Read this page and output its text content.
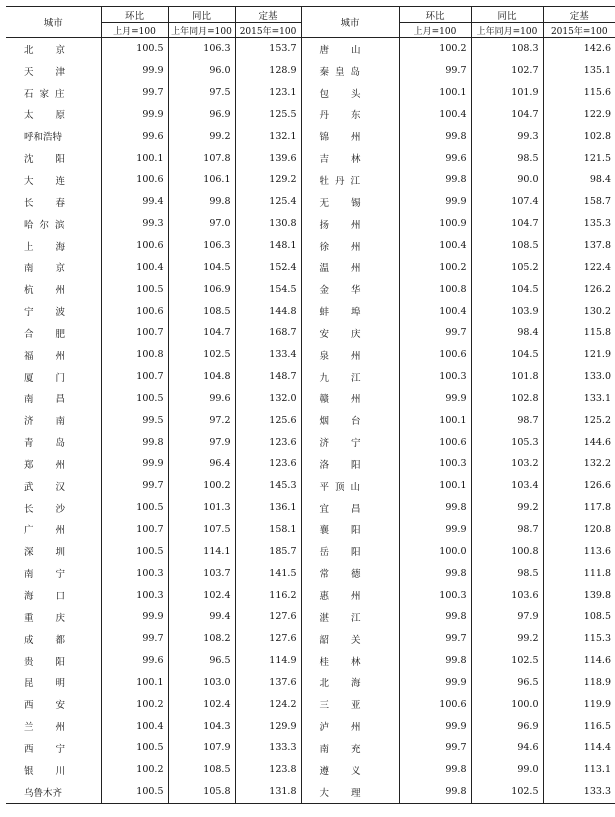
城市	环比	同比	定基	城市	环比	同比	定基
	上月=100	上年同月=100	2015年=100		上月=100	上年同月=100	2015年=100
北京	100.5	106.3	153.7	唐山	100.2	108.3	142.6
天津	99.9	96.0	128.9	秦皇岛	99.7	102.7	135.1
石家庄	99.7	97.5	123.1	包头	100.1	101.9	115.6
太原	99.9	96.9	125.5	丹东	100.4	104.7	122.9
呼和浩特	99.6	99.2	132.1	锦州	99.8	99.3	102.8
沈阳	100.1	107.8	139.6	吉林	99.6	98.5	121.5
大连	100.6	106.1	129.2	牡丹江	99.8	90.0	98.4
长春	99.4	99.8	125.4	无锡	99.9	107.4	158.7
哈尔滨	99.3	97.0	130.8	扬州	100.9	104.7	135.3
上海	100.6	106.3	148.1	徐州	100.4	108.5	137.8
南京	100.4	104.5	152.4	温州	100.2	105.2	122.4
杭州	100.5	106.9	154.5	金华	100.8	104.5	126.2
宁波	100.6	108.5	144.8	蚌埠	100.4	103.9	130.2
合肥	100.7	104.7	168.7	安庆	99.7	98.4	115.8
福州	100.8	102.5	133.4	泉州	100.6	104.5	121.9
厦门	100.7	104.8	148.7	九江	100.3	101.8	133.0
南昌	100.5	99.6	132.0	赣州	99.9	102.8	133.1
济南	99.5	97.2	125.6	烟台	100.1	98.7	125.2
青岛	99.8	97.9	123.6	济宁	100.6	105.3	144.6
郑州	99.9	96.4	123.6	洛阳	100.3	103.2	132.2
武汉	99.7	100.2	145.3	平顶山	100.1	103.4	126.6
长沙	100.5	101.3	136.1	宜昌	99.8	99.2	117.8
广州	100.7	107.5	158.1	襄阳	99.9	98.7	120.8
深圳	100.5	114.1	185.7	岳阳	100.0	100.8	113.6
南宁	100.3	103.7	141.5	常德	99.8	98.5	111.8
海口	100.3	102.4	116.2	惠州	100.3	103.6	139.8
重庆	99.9	99.4	127.6	湛江	99.8	97.9	108.5
成都	99.7	108.2	127.6	韶关	99.7	99.2	115.3
贵阳	99.6	96.5	114.9	桂林	99.8	102.5	114.6
昆明	100.1	103.0	137.6	北海	99.9	96.5	118.9
西安	100.2	102.4	124.2	三亚	100.6	100.0	119.9
兰州	100.4	104.3	129.9	泸州	99.9	96.9	116.5
西宁	100.5	107.9	133.3	南充	99.7	94.6	114.4
银川	100.2	108.5	123.8	遵义	99.8	99.0	113.1
乌鲁木齐	100.5	105.8	131.8	大理	99.8	102.5	133.3
